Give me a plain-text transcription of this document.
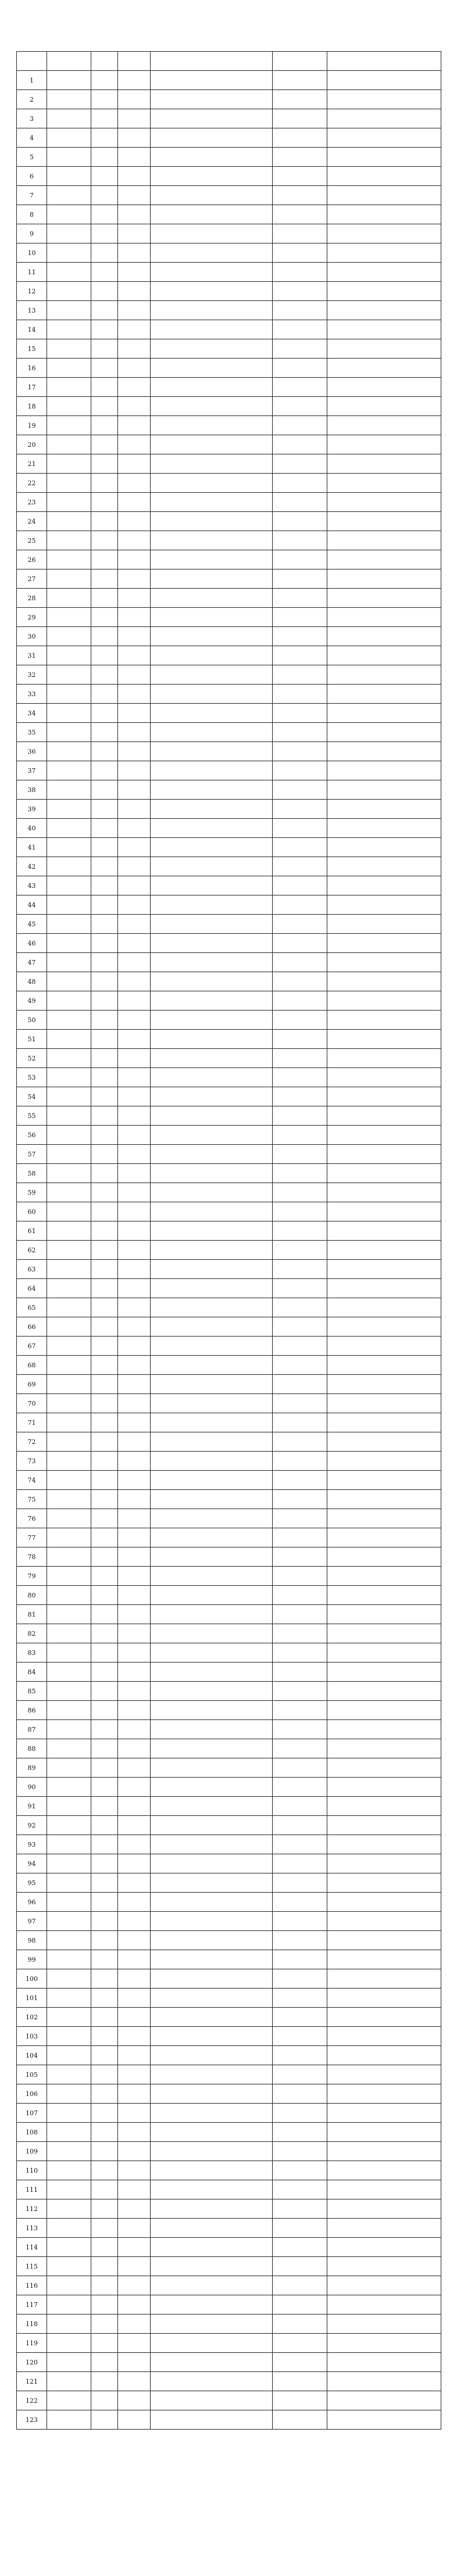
1						
2						
3						
4						
5						
6						
7						
8						
9						
10						
11						
12						
13						
14						
15						
16						
17						
18						
19						
20						
21						
22						
23						
24						
25						
26						
27						
28						
29						
30						
31						
32						
33						
34						
35						
36						
37						
38						
39						
40						
41						
42						
43						
44						
45						
46						
47						
48						
49						
50						
51						
52						
53						
54						
55						
56						
57						
58						
59						
60						
61						
62						
63						
64						
65						
66						
67						
68						
69						
70						
71						
72						
73						
74						
75						
76						
77						
78						
79						
80						
81						
82						
83						
84						
85						
86						
87						
88						
89						
90						
91						
92						
93						
94						
95						
96						
97						
98						
99						
100						
101						
102						
103						
104						
105						
106						
107						
108						
109						
110						
111						
112						
113						
114						
115						
116						
117						
118						
119						
120						
121						
122						
123						
